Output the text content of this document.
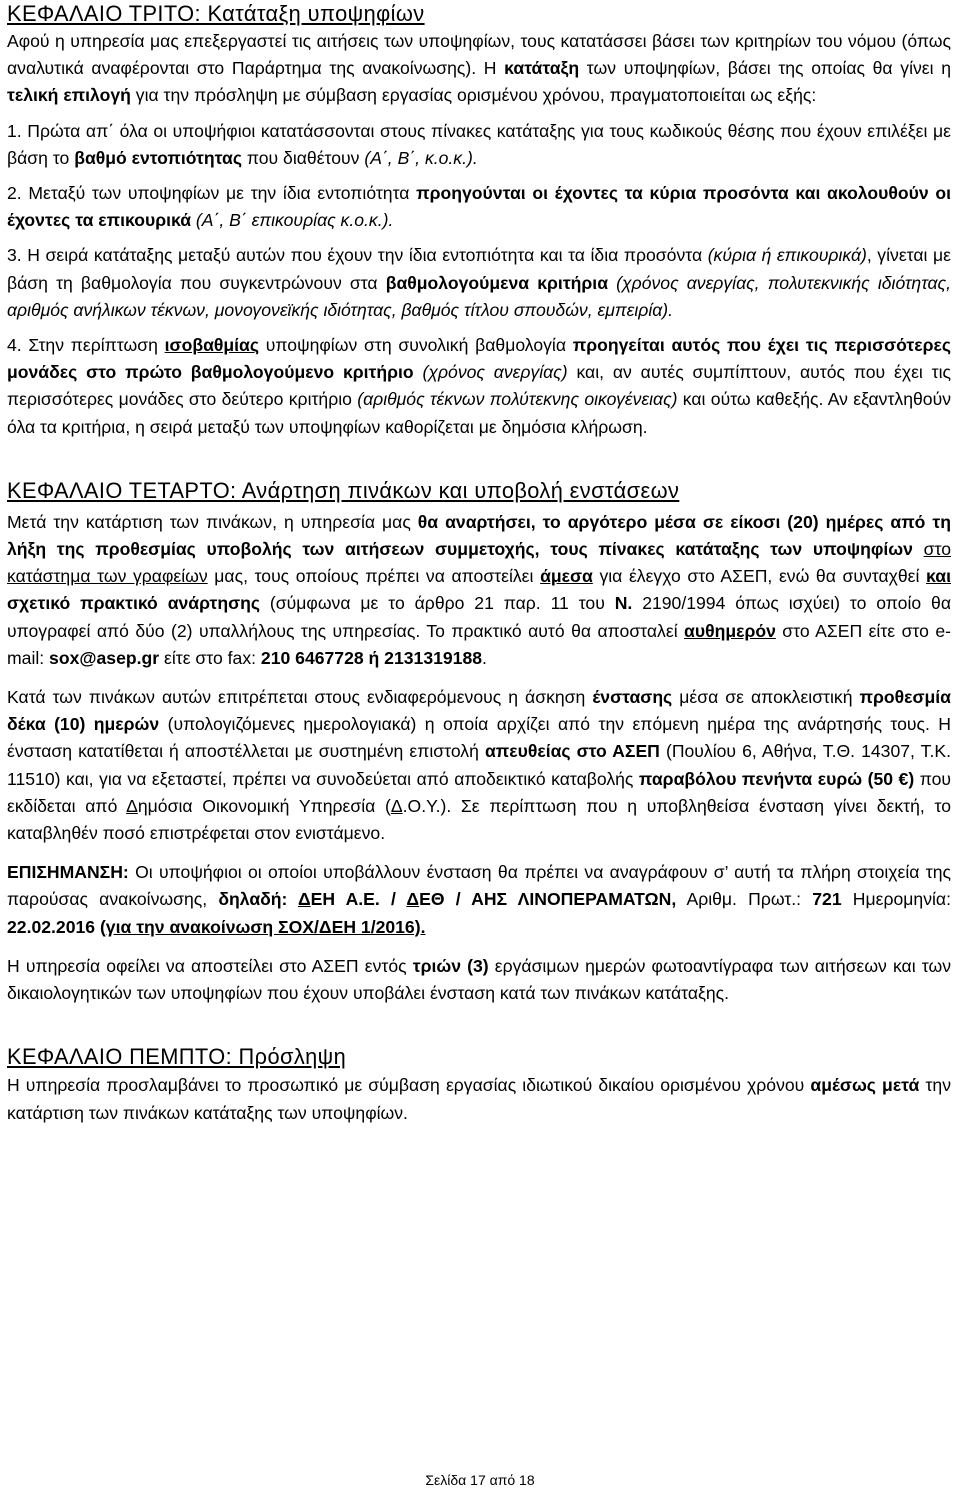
ΚΕΦΑΛΑΙΟ ΤΡΙΤΟ: Κατάταξη υποψηφίων

Αφού η υπηρεσία μας επεξεργαστεί τις αιτήσεις των υποψηφίων, τους κατατάσσει βάσει των κριτηρίων του νόμου (όπως αναλυτικά αναφέρονται στο Παράρτημα της ανακοίνωσης). Η κατάταξη των υποψηφίων, βάσει της οποίας θα γίνει η τελική επιλογή για την πρόσληψη με σύμβαση εργασίας ορισμένου χρόνου, πραγματοποιείται ως εξής:

1. Πρώτα απ΄ όλα οι υποψήφιοι κατατάσσονται στους πίνακες κατάταξης για τους κωδικούς θέσης που έχουν επιλέξει με βάση το βαθμό εντοπιότητας που διαθέτουν (Α΄, Β΄, κ.ο.κ.).

2. Μεταξύ των υποψηφίων με την ίδια εντοπιότητα προηγούνται οι έχοντες τα κύρια προσόντα και ακολουθούν οι έχοντες τα επικουρικά (Α΄, Β΄ επικουρίας κ.ο.κ.).

3. Η σειρά κατάταξης μεταξύ αυτών που έχουν την ίδια εντοπιότητα και τα ίδια προσόντα (κύρια ή επικουρικά), γίνεται με βάση τη βαθμολογία που συγκεντρώνουν στα βαθμολογούμενα κριτήρια (χρόνος ανεργίας, πολυτεκνικής ιδιότητας, αριθμός ανήλικων τέκνων, μονογονεϊκής ιδιότητας, βαθμός τίτλου σπουδών, εμπειρία).

4. Στην περίπτωση ισοβαθμίας υποψηφίων στη συνολική βαθμολογία προηγείται αυτός που έχει τις περισσότερες μονάδες στο πρώτο βαθμολογούμενο κριτήριο (χρόνος ανεργίας) και, αν αυτές συμπίπτουν, αυτός που έχει τις περισσότερες μονάδες στο δεύτερο κριτήριο (αριθμός τέκνων πολύτεκνης οικογένειας) και ούτω καθεξής. Αν εξαντληθούν όλα τα κριτήρια, η σειρά μεταξύ των υποψηφίων καθορίζεται με δημόσια κλήρωση.

ΚΕΦΑΛΑΙΟ ΤΕΤΑΡΤΟ: Ανάρτηση πινάκων και υποβολή ενστάσεων

Μετά την κατάρτιση των πινάκων, η υπηρεσία μας θα αναρτήσει, το αργότερο μέσα σε είκοσι (20) ημέρες από τη λήξη της προθεσμίας υποβολής των αιτήσεων συμμετοχής, τους πίνακες κατάταξης των υποψηφίων στο κατάστημα των γραφείων μας, τους οποίους πρέπει να αποστείλει άμεσα για έλεγχο στο ΑΣΕΠ, ενώ θα συνταχθεί και σχετικό πρακτικό ανάρτησης (σύμφωνα με το άρθρο 21 παρ. 11 του Ν. 2190/1994 όπως ισχύει) το οποίο θα υπογραφεί από δύο (2) υπαλλήλους της υπηρεσίας. Το πρακτικό αυτό θα αποσταλεί αυθημερόν στο ΑΣΕΠ είτε στο e-mail: sox@asep.gr είτε στο fax: 210 6467728 ή 2131319188.

Κατά των πινάκων αυτών επιτρέπεται στους ενδιαφερόμενους η άσκηση ένστασης μέσα σε αποκλειστική προθεσμία δέκα (10) ημερών (υπολογιζόμενες ημερολογιακά) η οποία αρχίζει από την επόμενη ημέρα της ανάρτησής τους. Η ένσταση κατατίθεται ή αποστέλλεται με συστημένη επιστολή απευθείας στο ΑΣΕΠ (Πουλίου 6, Αθήνα, Τ.Θ. 14307, Τ.Κ. 11510) και, για να εξεταστεί, πρέπει να συνοδεύεται από αποδεικτικό καταβολής παραβόλου πενήντα ευρώ (50 €) που εκδίδεται από Δημόσια Οικονομική Υπηρεσία (Δ.Ο.Υ.). Σε περίπτωση που η υποβληθείσα ένσταση γίνει δεκτή, το καταβληθέν ποσό επιστρέφεται στον ενιστάμενο.

ΕΠΙΣΗΜΑΝΣΗ: Οι υποψήφιοι οι οποίοι υποβάλλουν ένσταση θα πρέπει να αναγράφουν σ’ αυτή τα πλήρη στοιχεία της παρούσας ανακοίνωσης, δηλαδή: ΔΕΗ Α.Ε. / ΔΕΘ / ΑΗΣ ΛΙΝΟΠΕΡΑΜΑΤΩΝ, Αριθμ. Πρωτ.: 721 Ημερομηνία: 22.02.2016 (για την ανακοίνωση ΣΟΧ/ΔΕΗ 1/2016).

Η υπηρεσία οφείλει να αποστείλει στο ΑΣΕΠ εντός τριών (3) εργάσιμων ημερών φωτοαντίγραφα των αιτήσεων και των δικαιολογητικών των υποψηφίων που έχουν υποβάλει ένσταση κατά των πινάκων κατάταξης.

ΚΕΦΑΛΑΙΟ ΠΕΜΠΤΟ: Πρόσληψη

Η υπηρεσία προσλαμβάνει το προσωπικό με σύμβαση εργασίας ιδιωτικού δικαίου ορισμένου χρόνου αμέσως μετά την κατάρτιση των πινάκων κατάταξης των υποψηφίων.

Σελίδα 17 από 18
